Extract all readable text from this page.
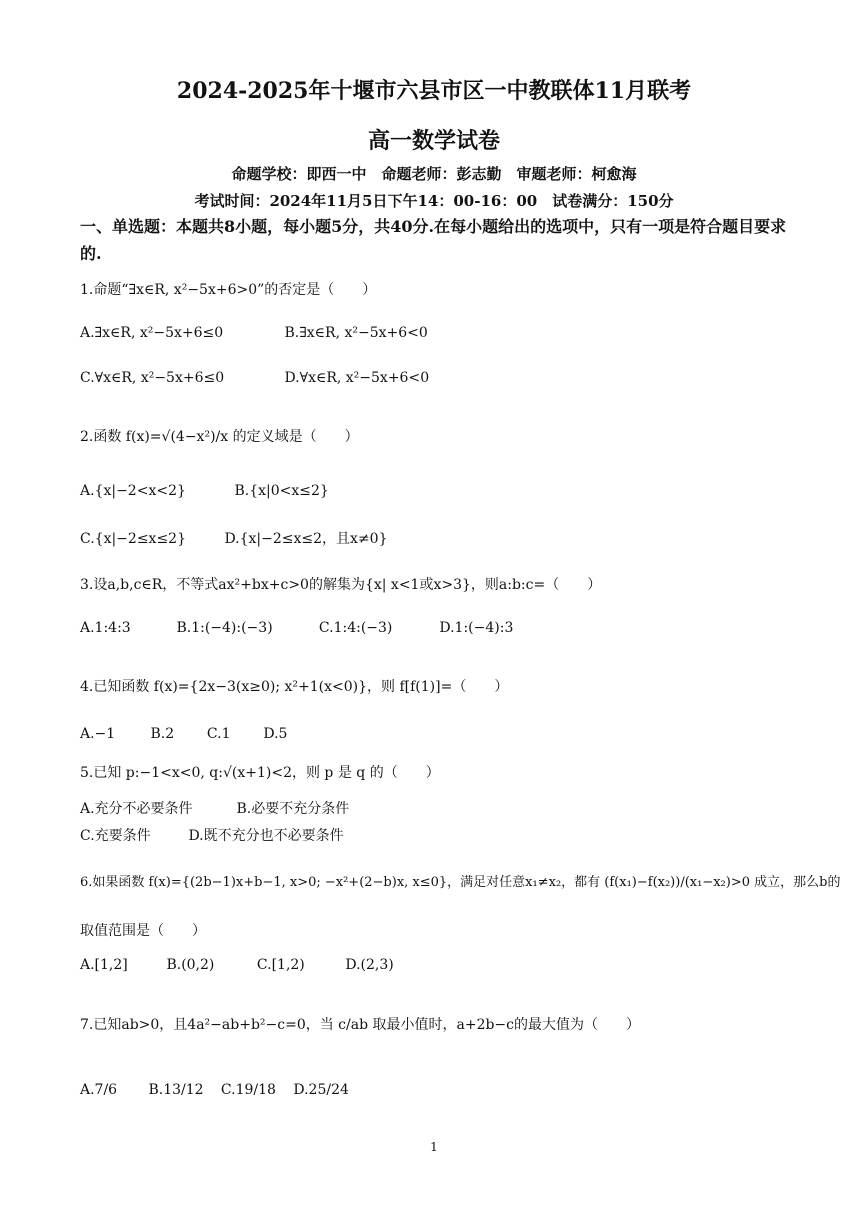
2024-2025年十堰市六县市区一中教联体11月联考
高一数学试卷
命题学校：即西一中　命题老师：彭志勤　审题老师：柯愈海
考试时间：2024年11月5日下午14：00-16：00　试卷满分：150分
一、单选题：本题共8小题，每小题5分，共40分.在每小题给出的选项中，只有一项是符合题目要求的.
1.命题“∃x∈R, x²−5x+6>0”的否定是（　　）
A.∃x∈R, x²−5x+6≤0	B.∃x∈R, x²−5x+6<0
C.∀x∈R, x²−5x+6≤0	D.∀x∈R, x²−5x+6<0
2.函数 f(x)=√(4−x²)/x 的定义域是（　　）
A.{x|−2<x<2}	B.{x|0<x≤2}
C.{x|−2≤x≤2}	D.{x|−2≤x≤2，且x≠0}
3.设a,b,c∈R，不等式ax²+bx+c>0的解集为{x| x<1或x>3}，则a:b:c=（　　）
A.1:4:3	B.1:(−4):(−3)	C.1:4:(−3)	D.1:(−4):3
4.已知函数 f(x)={2x−3(x≥0); x²+1(x<0)}，则 f[f(1)]=（　　）
A.−1	B.2 C.1 D.5
5.已知 p:−1<x<0, q:√(x+1)<2，则 p 是 q 的（　　）
A.充分不必要条件	B.必要不充分条件
C.充要条件	D.既不充分也不必要条件
6.如果函数 f(x)={(2b−1)x+b−1, x>0; −x²+(2−b)x, x≤0}，满足对任意x₁≠x₂，都有 (f(x₁)−f(x₂))/(x₁−x₂)>0 成立，那么b的
取值范围是（　　）
A.[1,2]	B.(0,2)	C.[1,2)	D.(2,3)
7.已知ab>0，且4a²−ab+b²−c=0，当 c/ab 取最小值时，a+2b−c的最大值为（　　）
A.7/6 B.13/12 C.19/18 D.25/24
1
